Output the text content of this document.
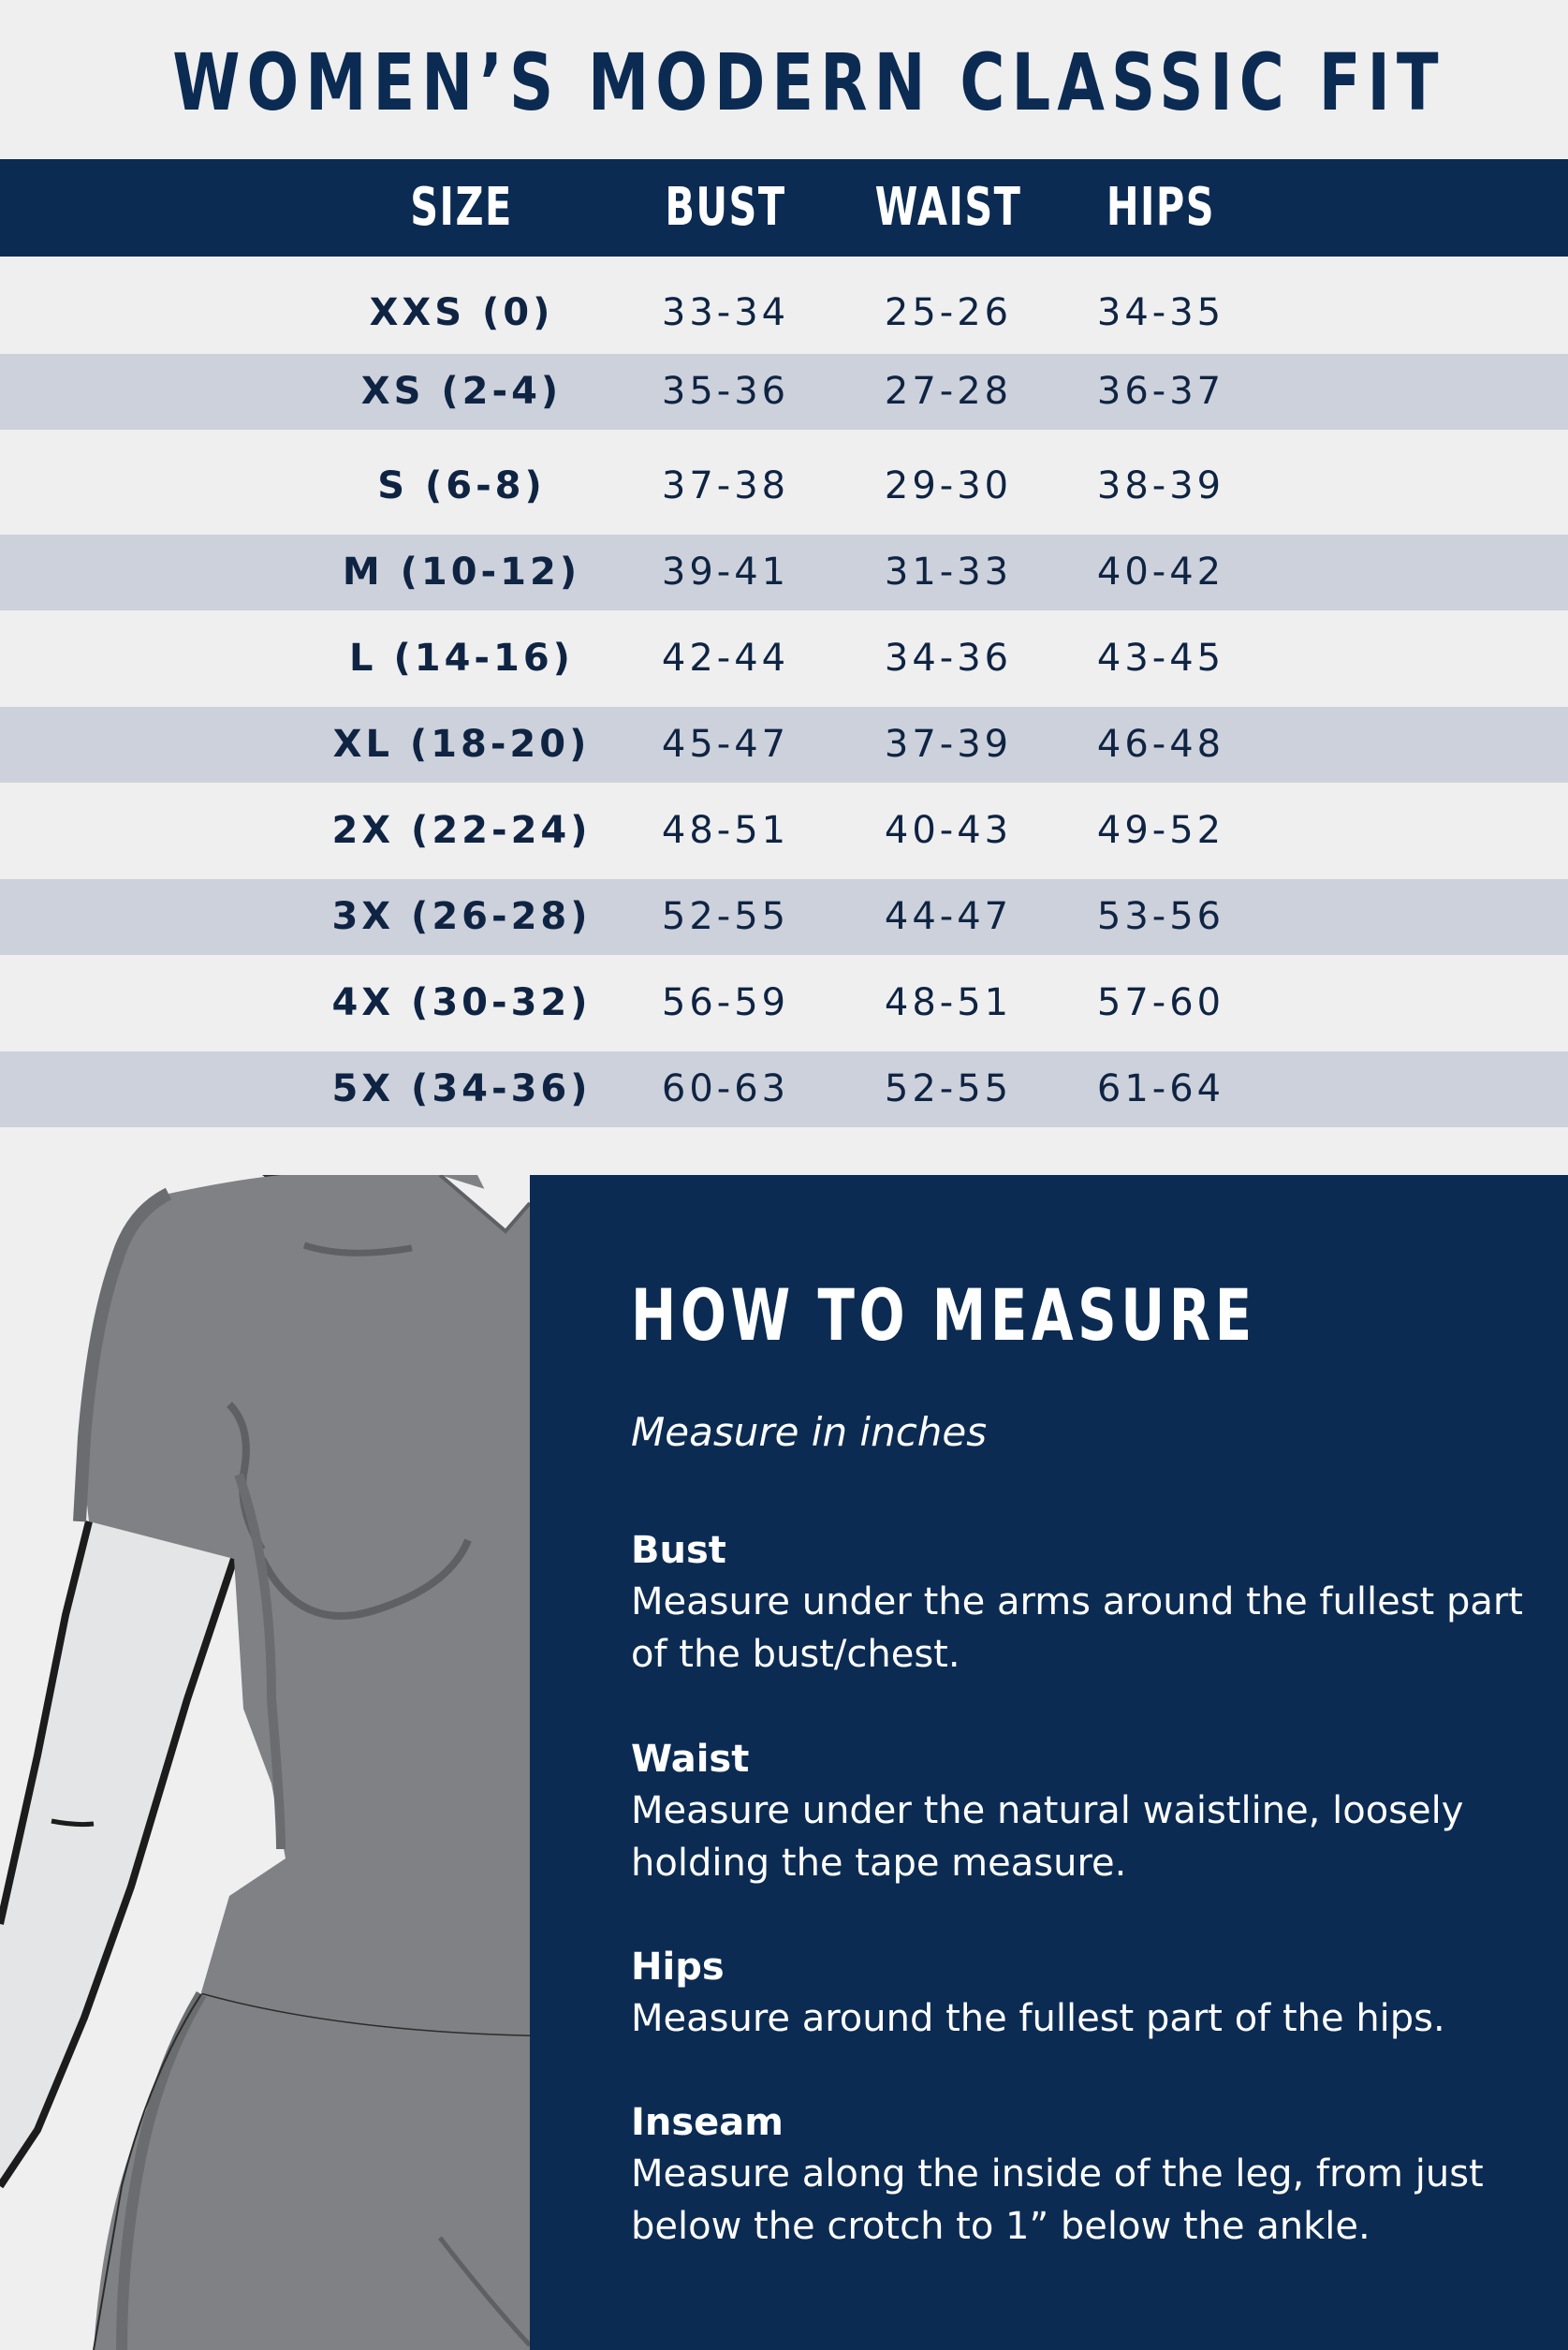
WOMEN’S MODERN CLASSIC FIT
SIZE	BUST	WAIST	HIPS
XXS (0)	33-34	25-26	34-35
XS (2-4)	35-36	27-28	36-37
S (6-8)	37-38	29-30	38-39
M (10-12)	39-41	31-33	40-42
L (14-16)	42-44	34-36	43-45
XL (18-20)	45-47	37-39	46-48
2X (22-24)	48-51	40-43	49-52
3X (26-28)	52-55	44-47	53-56
4X (30-32)	56-59	48-51	57-60
5X (34-36)	60-63	52-55	61-64
HOW TO MEASURE
Measure in inches
Bust
Measure under the arms around the fullest part of the bust/chest.
Waist
Measure under the natural waistline, loosely holding the tape measure.
Hips
Measure around the fullest part of the hips.
Inseam
Measure along the inside of the leg, from just below the crotch to 1” below the ankle.
